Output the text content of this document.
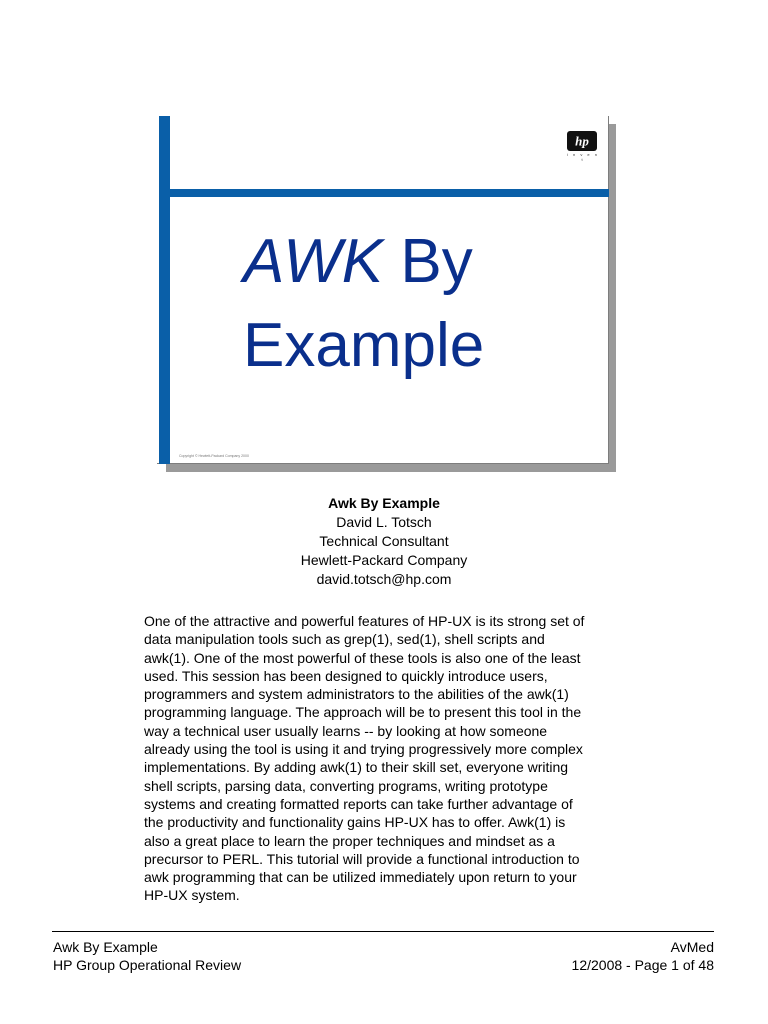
hp
i n v e n t
AWK By
Example
Copyright © Hewlett-Packard Company 2000
Awk By Example
David L. Totsch
Technical Consultant
Hewlett-Packard Company
david.totsch@hp.com
One of the attractive and powerful features of HP-UX is its strong set of
data manipulation tools such as grep(1), sed(1), shell scripts and
awk(1). One of the most powerful of these tools is also one of the least
used. This session has been designed to quickly introduce users,
programmers and system administrators to the abilities of the awk(1)
programming language. The approach will be to present this tool in the
way a technical user usually learns -- by looking at how someone
already using the tool is using it and trying progressively more complex
implementations. By adding awk(1) to their skill set, everyone writing
shell scripts, parsing data, converting programs, writing prototype
systems and creating formatted reports can take further advantage of
the productivity and functionality gains HP-UX has to offer. Awk(1) is
also a great place to learn the proper techniques and mindset as a
precursor to PERL. This tutorial will provide a functional introduction to
awk programming that can be utilized immediately upon return to your
HP-UX system.
Awk By Example
HP Group Operational Review
AvMed
12/2008 - Page 1 of 48
